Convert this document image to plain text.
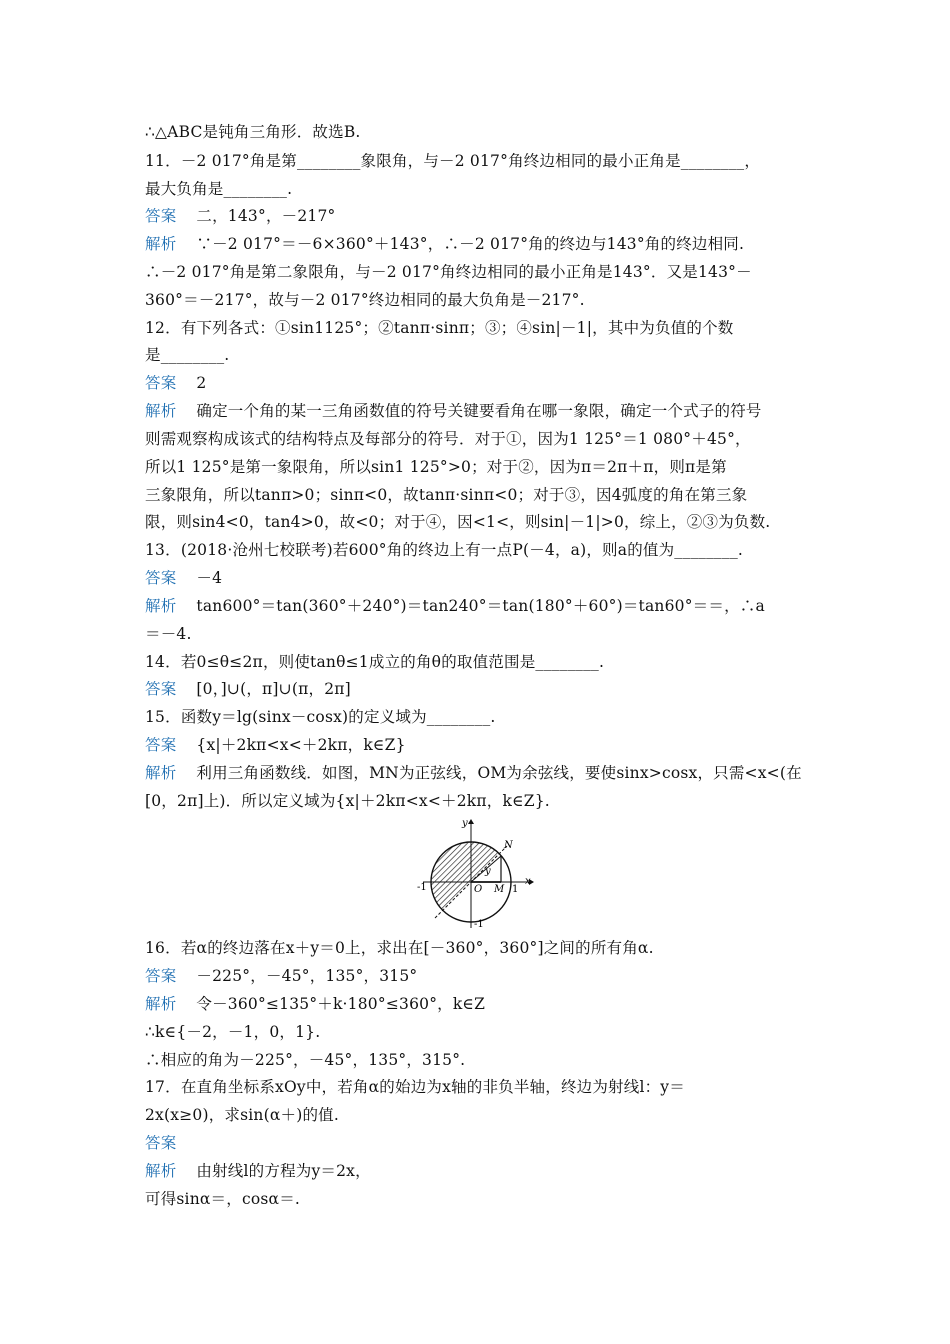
∴△ABC是钝角三角形．故选B.
11．－2 017°角是第________象限角，与－2 017°角终边相同的最小正角是________，
最大负角是________.
答案 二，143°，－217°
解析 ∵－2 017°＝－6×360°＋143°，∴－2 017°角的终边与143°角的终边相同.
∴－2 017°角是第二象限角，与－2 017°角终边相同的最小正角是143°．又是143°－
360°＝－217°，故与－2 017°终边相同的最大负角是－217°.
12．有下列各式：①sin1125°；②tanπ·sinπ；③；④sin|－1|，其中为负值的个数
是________.
答案 2
解析 确定一个角的某一三角函数值的符号关键要看角在哪一象限，确定一个式子的符号
则需观察构成该式的结构特点及每部分的符号．对于①，因为1 125°＝1 080°＋45°，
所以1 125°是第一象限角，所以sin1 125°>0；对于②，因为π＝2π＋π，则π是第
三象限角，所以tanπ>0；sinπ<0，故tanπ·sinπ<0；对于③，因4弧度的角在第三象
限，则sin4<0，tan4>0，故<0；对于④，因<1<，则sin|－1|>0，综上，②③为负数.
13．(2018·沧州七校联考)若600°角的终边上有一点P(－4，a)，则a的值为________.
答案 －4
解析 tan600°＝tan(360°＋240°)＝tan240°＝tan(180°＋60°)＝tan60°＝＝，∴a
＝－4.
14．若0≤θ≤2π，则使tanθ≤1成立的角θ的取值范围是________.
答案 [0，]∪(，π]∪(π，2π]
15．函数y＝lg(sinx－cosx)的定义域为________.
答案 {x|＋2kπ<x<＋2kπ，k∈Z}
解析 利用三角函数线．如图，MN为正弦线，OM为余弦线，要使sinx>cosx，只需<x<(在
[0，2π]上)．所以定义域为{x|＋2kπ<x<＋2kπ，k∈Z}.
y
x
O
N
M 1
-1
-1
y
16．若α的终边落在x＋y＝0上，求出在[－360°，360°]之间的所有角α.
答案 －225°，－45°，135°，315°
解析 令－360°≤135°＋k·180°≤360°，k∈Z
∴k∈{－2，－1，0，1}.
∴相应的角为－225°，－45°，135°，315°.
17．在直角坐标系xOy中，若角α的始边为x轴的非负半轴，终边为射线l：y＝
2x(x≥0)，求sin(α＋)的值.
答案
解析 由射线l的方程为y＝2x，
可得sinα＝，cosα＝.
